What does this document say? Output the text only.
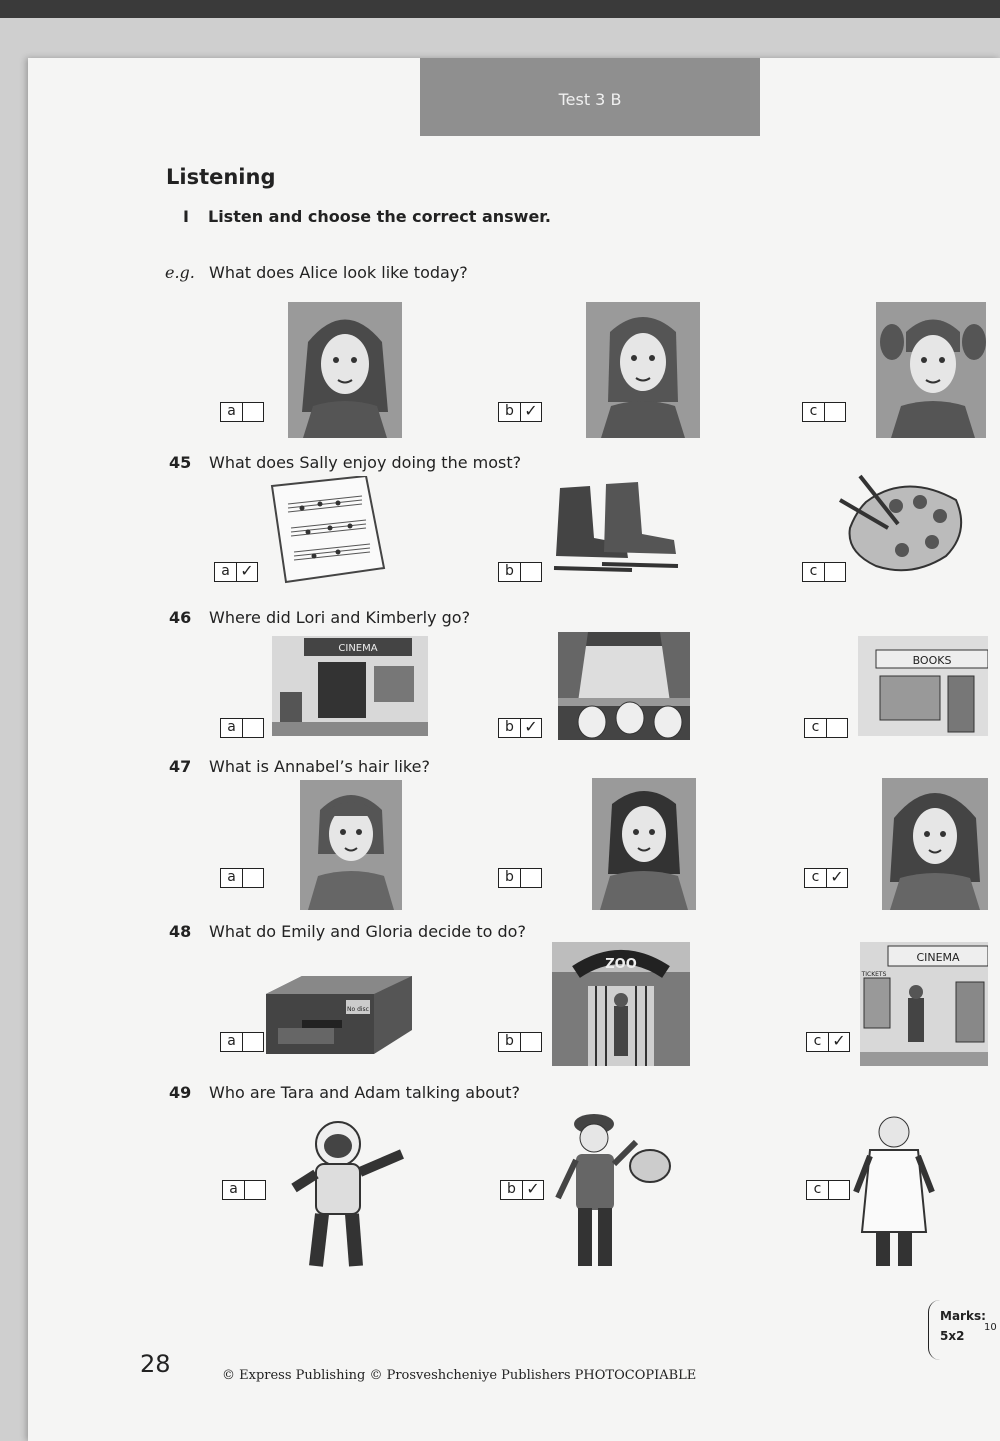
Test 3 B
Listening
I Listen and choose the correct answer.
e.g. What does Alice look like today?
45 What does Sally enjoy doing the most?
46 Where did Lori and Kimberly go?
47 What is Annabel’s hair like?
48 What do Emily and Gloria decide to do?
49 Who are Tara and Adam talking about?
CINEMA
BOOKS
No disc
ZOO	CINEMA
TICKETS
a	b ✓	c
a ✓	b	c
a	b ✓	c
a	b	c ✓
a	b	c ✓
a	b ✓	c
28	© Express Publishing © Prosveshcheniye Publishers PHOTOCOPIABLE
Marks:
5x2
10
